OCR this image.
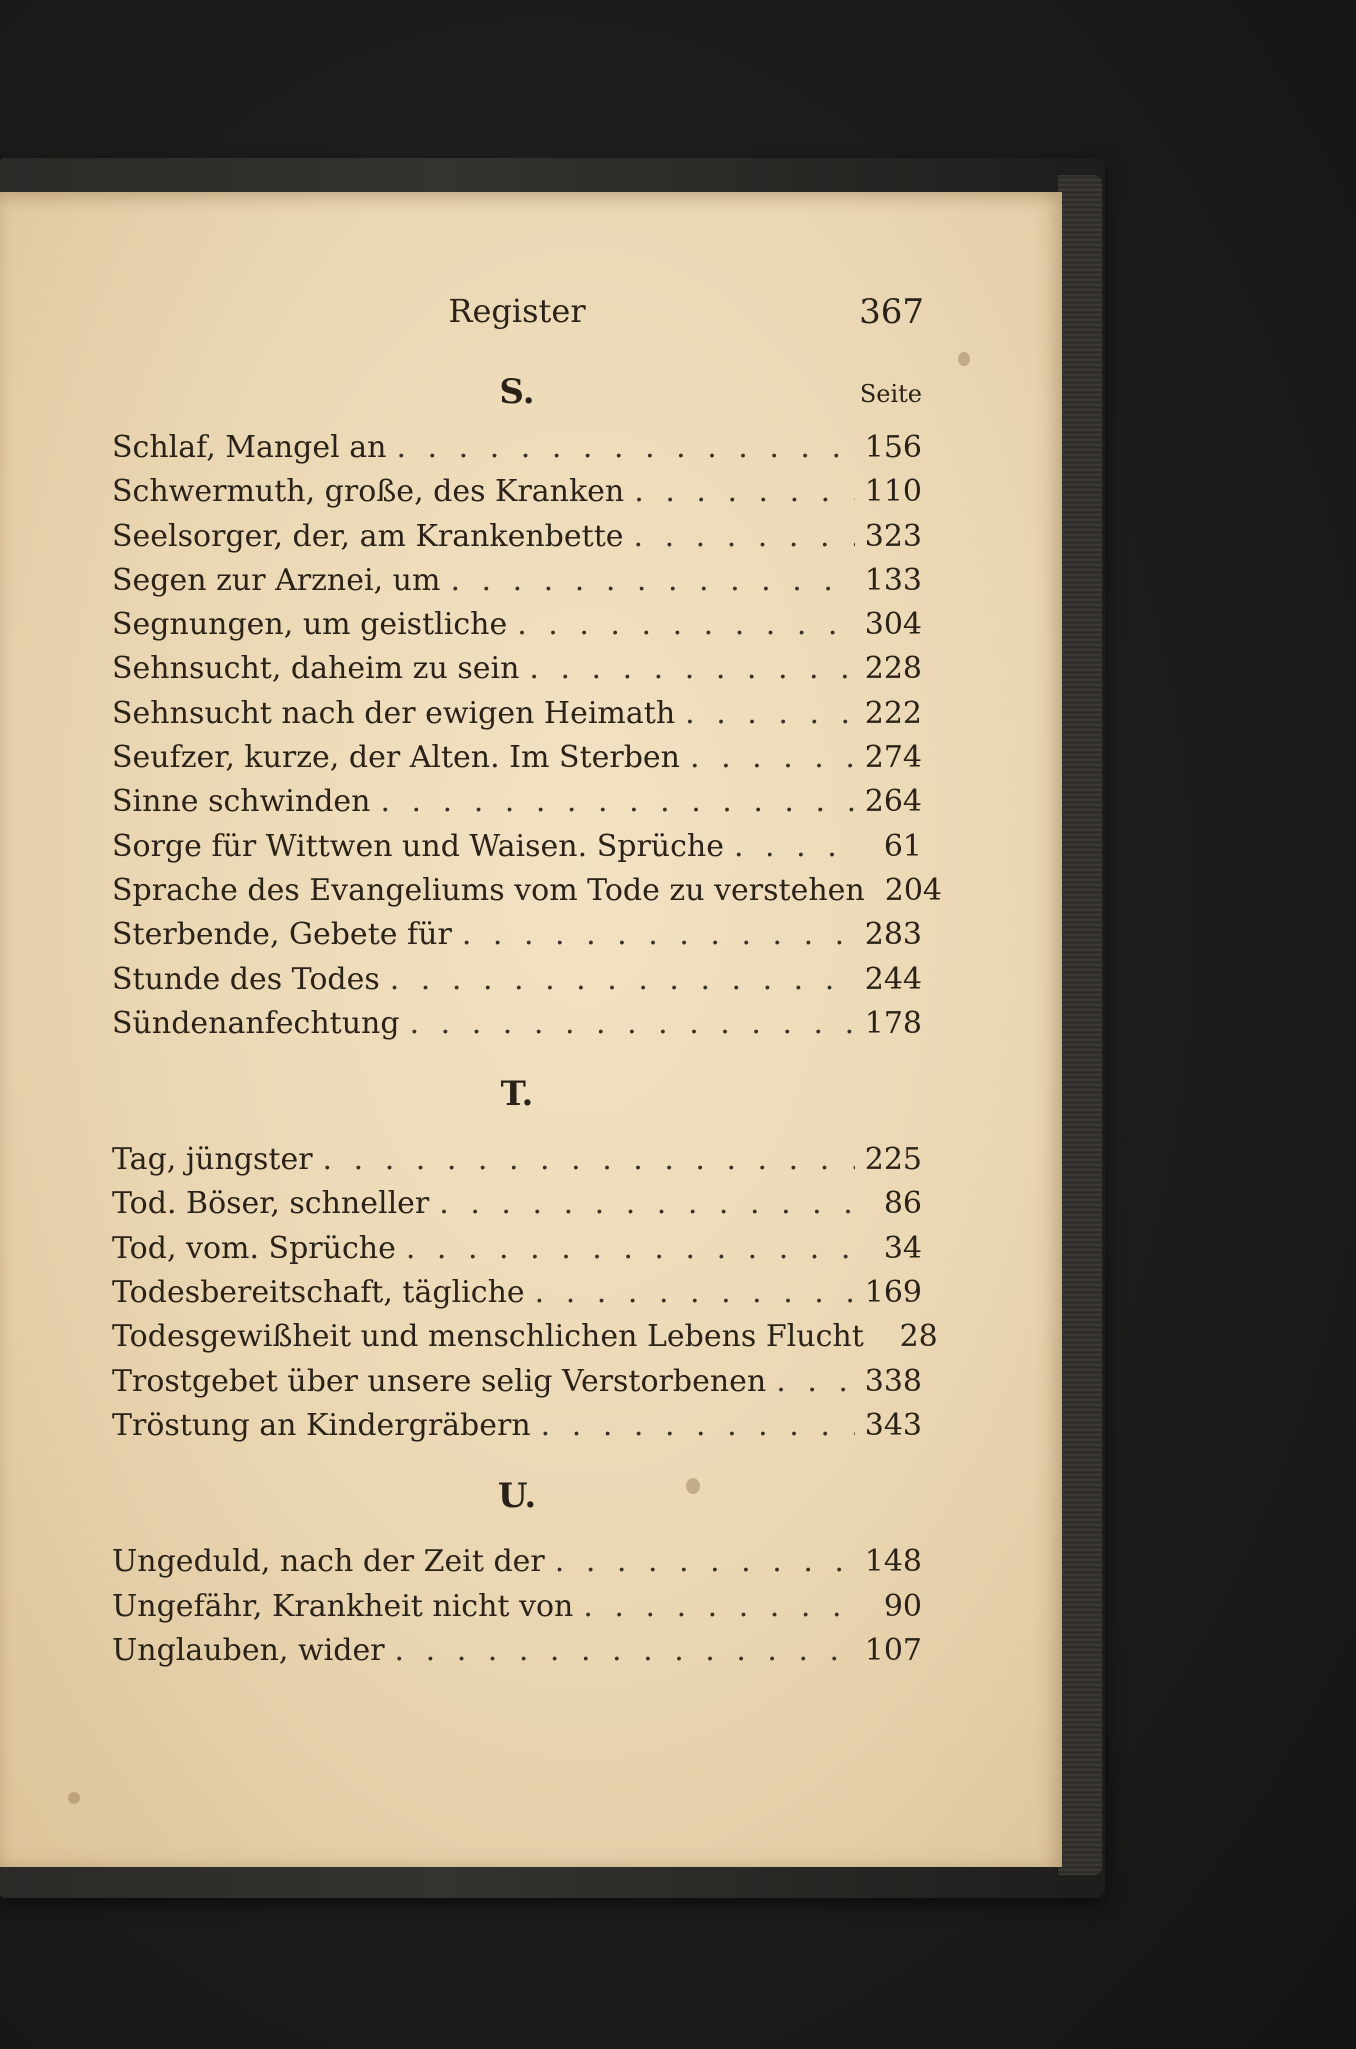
Register	367
S.	Seite
Schlaf, Mangel an . . .	156
Schwermuth, große, des Kranken . . .	110
Seelsorger, der, am Krankenbette . . .	323
Segen zur Arznei, um . . .	133
Segnungen, um geistliche . . .	304
Sehnsucht, daheim zu sein . . .	228
Sehnsucht nach der ewigen Heimath . . .	222
Seufzer, kurze, der Alten. Im Sterben . . .	274
Sinne schwinden . . .	264
Sorge für Wittwen und Waisen. Sprüche . . .	61
Sprache des Evangeliums vom Tode zu verstehen 204
Sterbende, Gebete für . . .	283
Stunde des Todes . . .	244
Sündenanfechtung . . .	178
T.
Tag, jüngster . . .	225
Tod. Böser, schneller . . .	86
Tod, vom. Sprüche . . .	34
Todesbereitschaft, tägliche . . .	169
Todesgewißheit und menschlichen Lebens Flucht	28
Trostgebet über unsere selig Verstorbenen . . .	338
Tröstung an Kindergräbern . . .	343
U.
Ungeduld, nach der Zeit der . . .	148
Ungefähr, Krankheit nicht von . . .	90
Unglauben, wider . . .	107
